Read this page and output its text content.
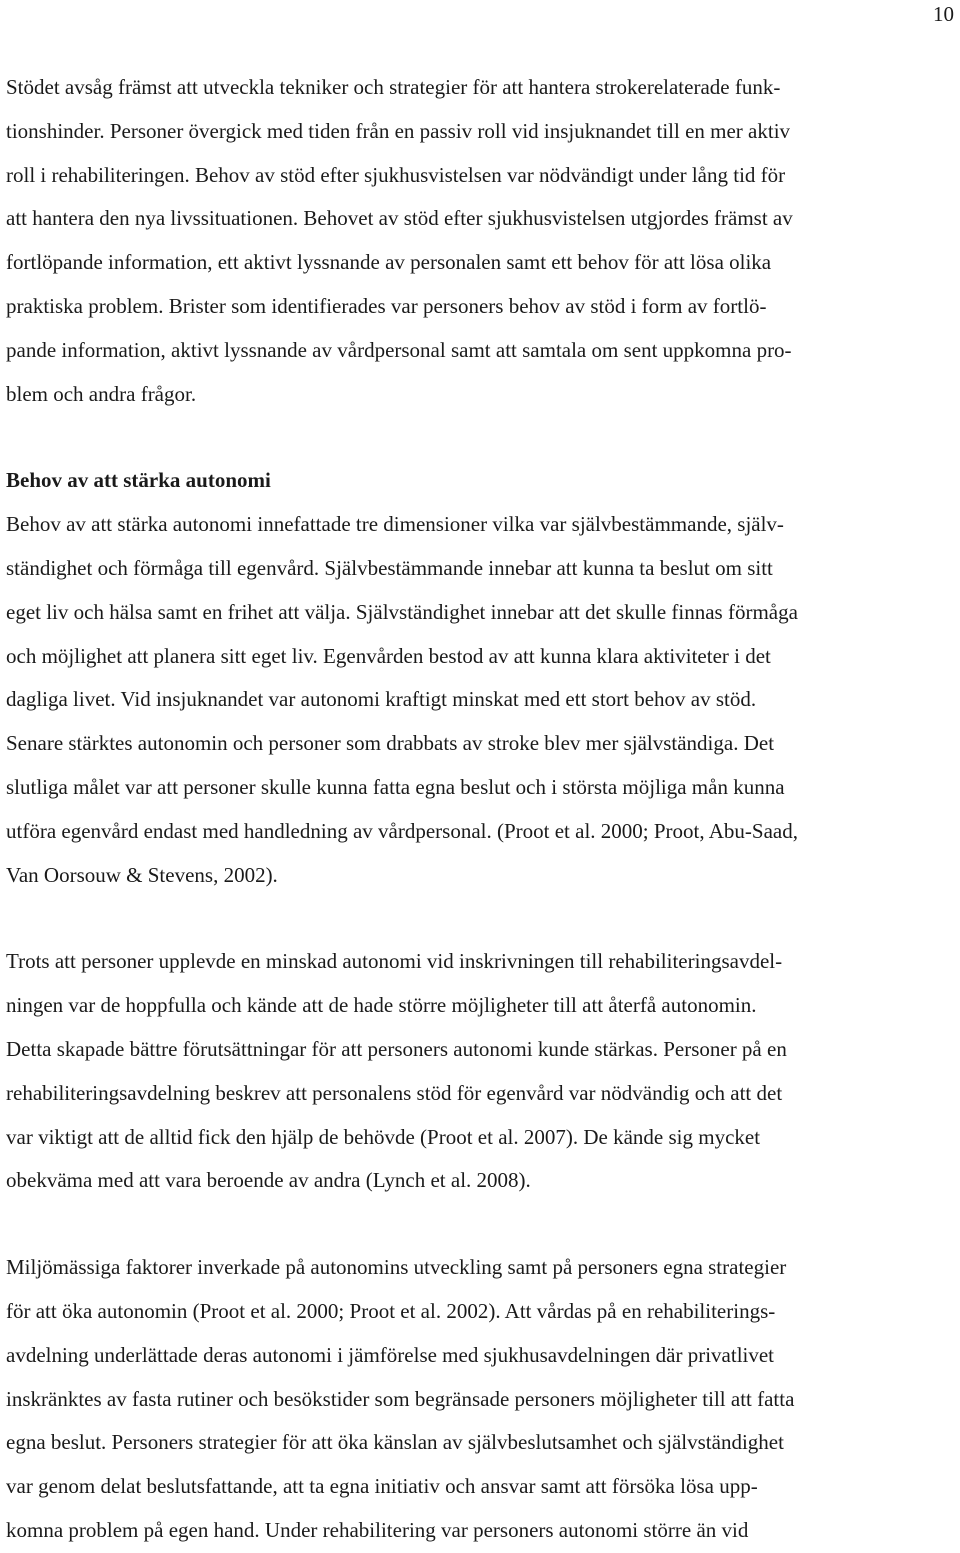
10

Stödet avsåg främst att utveckla tekniker och strategier för att hantera strokerelaterade funk-
tionshinder. Personer övergick med tiden från en passiv roll vid insjuknandet till en mer aktiv
roll i rehabiliteringen. Behov av stöd efter sjukhusvistelsen var nödvändigt under lång tid för
att hantera den nya livssituationen. Behovet av stöd efter sjukhusvistelsen utgjordes främst av
fortlöpande information, ett aktivt lyssnande av personalen samt ett behov för att lösa olika
praktiska problem. Brister som identifierades var personers behov av stöd i form av fortlö-
pande information, aktivt lyssnande av vårdpersonal samt att samtala om sent uppkomna pro-
blem och andra frågor.

Behov av att stärka autonomi

Behov av att stärka autonomi innefattade tre dimensioner vilka var självbestämmande, själv-
ständighet och förmåga till egenvård. Självbestämmande innebar att kunna ta beslut om sitt
eget liv och hälsa samt en frihet att välja. Självständighet innebar att det skulle finnas förmåga
och möjlighet att planera sitt eget liv. Egenvården bestod av att kunna klara aktiviteter i det
dagliga livet. Vid insjuknandet var autonomi kraftigt minskat med ett stort behov av stöd.
Senare stärktes autonomin och personer som drabbats av stroke blev mer självständiga. Det
slutliga målet var att personer skulle kunna fatta egna beslut och i största möjliga mån kunna
utföra egenvård endast med handledning av vårdpersonal. (Proot et al. 2000; Proot, Abu-Saad,
Van Oorsouw & Stevens, 2002).

Trots att personer upplevde en minskad autonomi vid inskrivningen till rehabiliteringsavdel-
ningen var de hoppfulla och kände att de hade större möjligheter till att återfå autonomin.
Detta skapade bättre förutsättningar för att personers autonomi kunde stärkas. Personer på en
rehabiliteringsavdelning beskrev att personalens stöd för egenvård var nödvändig och att det
var viktigt att de alltid fick den hjälp de behövde (Proot et al. 2007). De kände sig mycket
obekväma med att vara beroende av andra (Lynch et al. 2008).

Miljömässiga faktorer inverkade på autonomins utveckling samt på personers egna strategier
för att öka autonomin (Proot et al. 2000; Proot et al. 2002). Att vårdas på en rehabiliterings-
avdelning underlättade deras autonomi i jämförelse med sjukhusavdelningen där privatlivet
inskränktes av fasta rutiner och besökstider som begränsade personers möjligheter till att fatta
egna beslut. Personers strategier för att öka känslan av självbeslutsamhet och självständighet
var genom delat beslutsfattande, att ta egna initiativ och ansvar samt att försöka lösa upp-
komna problem på egen hand. Under rehabilitering var personers autonomi större än vid
